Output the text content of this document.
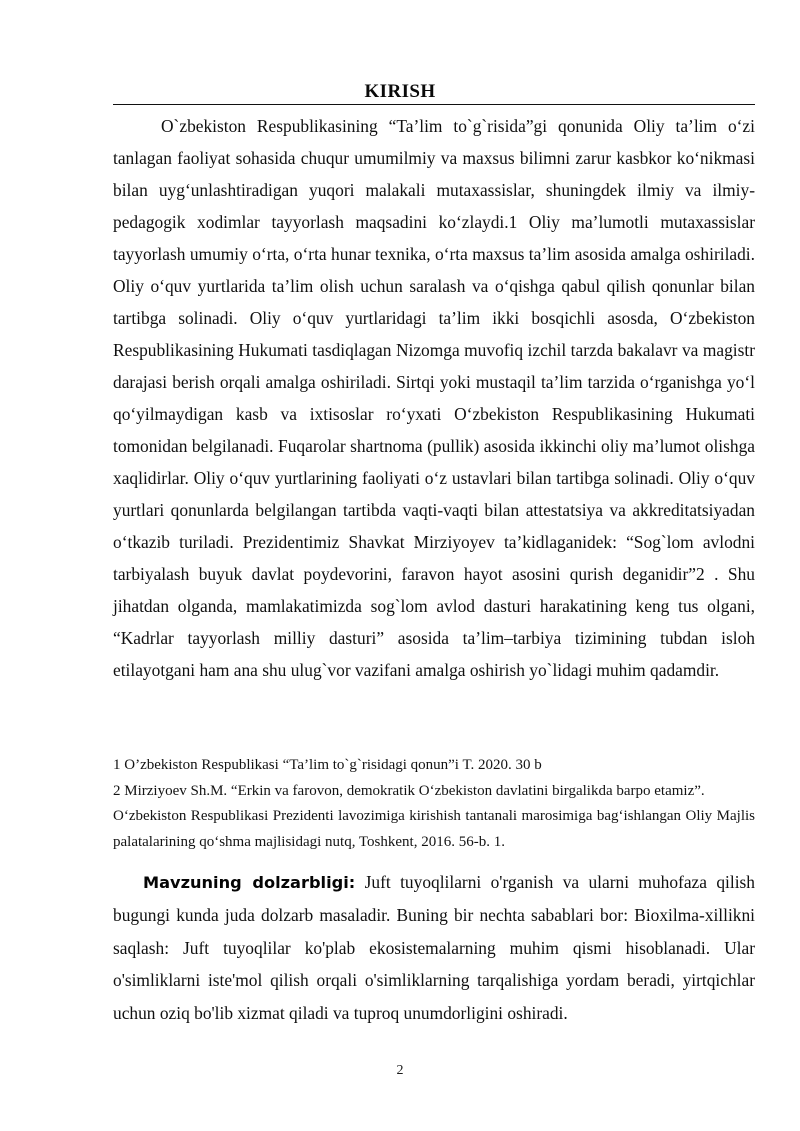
KIRISH

O`zbekiston Respublikasining “Ta’lim to`g`risida”gi qonunida Oliy ta’lim o‘zi tanlagan faoliyat sohasida chuqur umumilmiy va maxsus bilimni zarur kasbkor ko‘nikmasi bilan uyg‘unlashtiradigan yuqori malakali mutaxassislar, shuningdek ilmiy va ilmiy-pedagogik xodimlar tayyorlash maqsadini ko‘zlaydi.1 Oliy ma’lumotli mutaxassislar tayyorlash umumiy o‘rta, o‘rta hunar texnika, o‘rta maxsus ta’lim asosida amalga oshiriladi. Oliy o‘quv yurtlarida ta’lim olish uchun saralash va o‘qishga qabul qilish qonunlar bilan tartibga solinadi. Oliy o‘quv yurtlaridagi ta’lim ikki bosqichli asosda, O‘zbekiston Respublikasining Hukumati tasdiqlagan Nizomga muvofiq izchil tarzda bakalavr va magistr darajasi berish orqali amalga oshiriladi. Sirtqi yoki mustaqil ta’lim tarzida o‘rganishga yo‘l qo‘yilmaydigan kasb va ixtisoslar ro‘yxati O‘zbekiston Respublikasining Hukumati tomonidan belgilanadi. Fuqarolar shartnoma (pullik) asosida ikkinchi oliy ma’lumot olishga xaqlidirlar. Oliy o‘quv yurtlarining faoliyati o‘z ustavlari bilan tartibga solinadi. Oliy o‘quv yurtlari qonunlarda belgilangan tartibda vaqti-vaqti bilan attestatsiya va akkreditatsiyadan o‘tkazib turiladi. Prezidentimiz Shavkat Mirziyoyev ta’kidlaganidek: “Sog`lom avlodni tarbiyalash buyuk davlat poydevorini, faravon hayot asosini qurish deganidir”2 . Shu jihatdan olganda, mamlakatimizda sog`lom avlod dasturi harakatining keng tus olgani, “Kadrlar tayyorlash milliy dasturi” asosida ta’lim–tarbiya tizimining tubdan isloh etilayotgani ham ana shu ulug`vor vazifani amalga oshirish yo`lidagi muhim qadamdir.

1 O’zbekiston Respublikasi “Ta’lim to`g`risidagi qonun”i T. 2020. 30 b

2 Mirziyoev Sh.M. “Erkin va farovon, demokratik O‘zbekiston davlatini birgalikda barpo etamiz”.

O‘zbekiston Respublikasi Prezidenti lavozimiga kirishish tantanali marosimiga bag‘ishlangan Oliy Majlis palatalarining qo‘shma majlisidagi nutq, Toshkent, 2016. 56-b. 1.

Mavzuning dolzarbligi: Juft tuyoqlilarni o'rganish va ularni muhofaza qilish bugungi kunda juda dolzarb masaladir. Buning bir nechta sabablari bor: Bioxilma-xillikni saqlash: Juft tuyoqlilar ko'plab ekosistemalarning muhim qismi hisoblanadi. Ular o'simliklarni iste'mol qilish orqali o'simliklarning tarqalishiga yordam beradi, yirtqichlar uchun oziq bo'lib xizmat qiladi va tuproq unumdorligini oshiradi.

2
